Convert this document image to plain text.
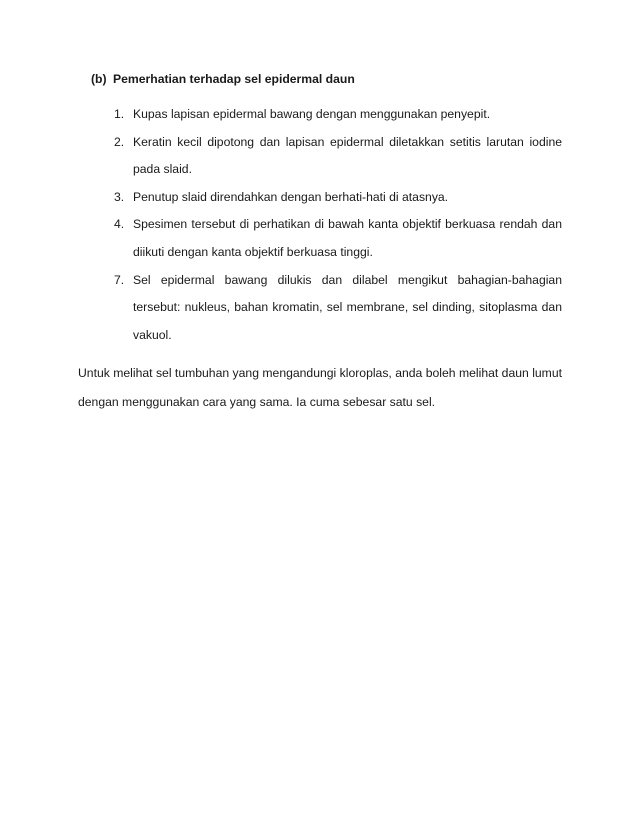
(b) Pemerhatian terhadap sel epidermal daun
1. Kupas lapisan epidermal bawang dengan menggunakan penyepit.
2. Keratin kecil dipotong dan lapisan epidermal diletakkan setitis larutan iodine pada slaid.
3. Penutup slaid direndahkan dengan berhati-hati di atasnya.
4. Spesimen tersebut di perhatikan di bawah kanta objektif berkuasa rendah dan diikuti dengan kanta objektif berkuasa tinggi.
7. Sel epidermal bawang dilukis dan dilabel mengikut bahagian-bahagian tersebut: nukleus, bahan kromatin, sel membrane, sel dinding, sitoplasma dan vakuol.

Untuk melihat sel tumbuhan yang mengandungi kloroplas, anda boleh melihat daun lumut dengan menggunakan cara yang sama. Ia cuma sebesar satu sel.
